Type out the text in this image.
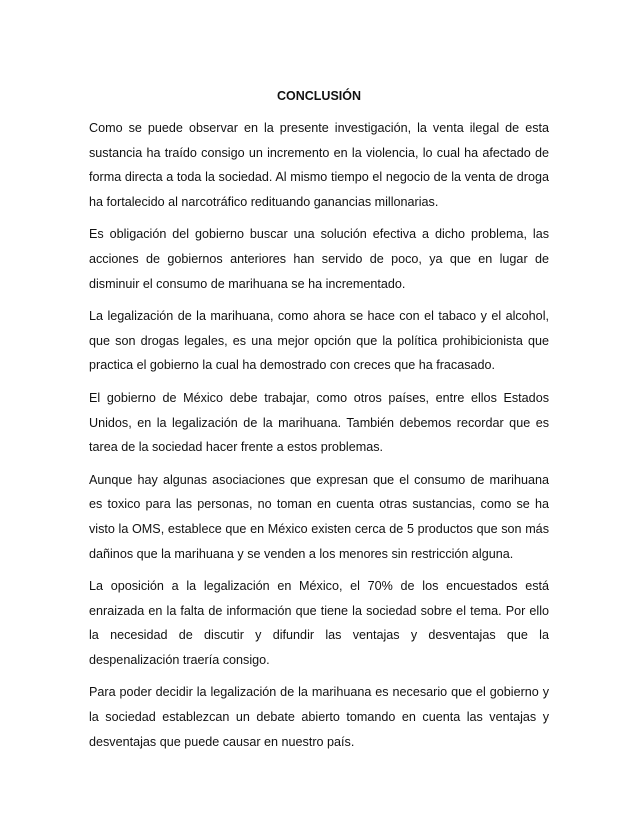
CONCLUSIÓN

Como se puede observar en la presente investigación, la venta ilegal de esta sustancia ha traído consigo un incremento en la violencia, lo cual ha afectado de forma directa a toda la sociedad. Al mismo tiempo el negocio de la venta de droga ha fortalecido al narcotráfico redituando ganancias millonarias.

Es obligación del gobierno buscar una solución efectiva a dicho problema, las acciones de gobiernos anteriores han servido de poco, ya que en lugar de disminuir el consumo de marihuana se ha incrementado.

La legalización de la marihuana, como ahora se hace con el tabaco y el alcohol, que son drogas legales, es una mejor opción que la política prohibicionista que practica el gobierno la cual ha demostrado con creces que ha fracasado.

El gobierno de México debe trabajar, como otros países, entre ellos Estados Unidos, en la legalización de la marihuana. También debemos recordar que es tarea de la sociedad hacer frente a estos problemas.

Aunque hay algunas asociaciones que expresan que el consumo de marihuana es toxico para las personas, no toman en cuenta otras sustancias, como se ha visto la OMS, establece que en México existen cerca de 5 productos que son más dañinos que la marihuana y se venden a los menores sin restricción alguna.

La oposición a la legalización en México, el 70% de los encuestados está enraizada en la falta de información que tiene la sociedad sobre el tema. Por ello la necesidad de discutir y difundir las ventajas y desventajas que la despenalización traería consigo.

Para poder decidir la legalización de la marihuana es necesario que el gobierno y la sociedad establezcan un debate abierto tomando en cuenta las ventajas y desventajas que puede causar en nuestro país.
